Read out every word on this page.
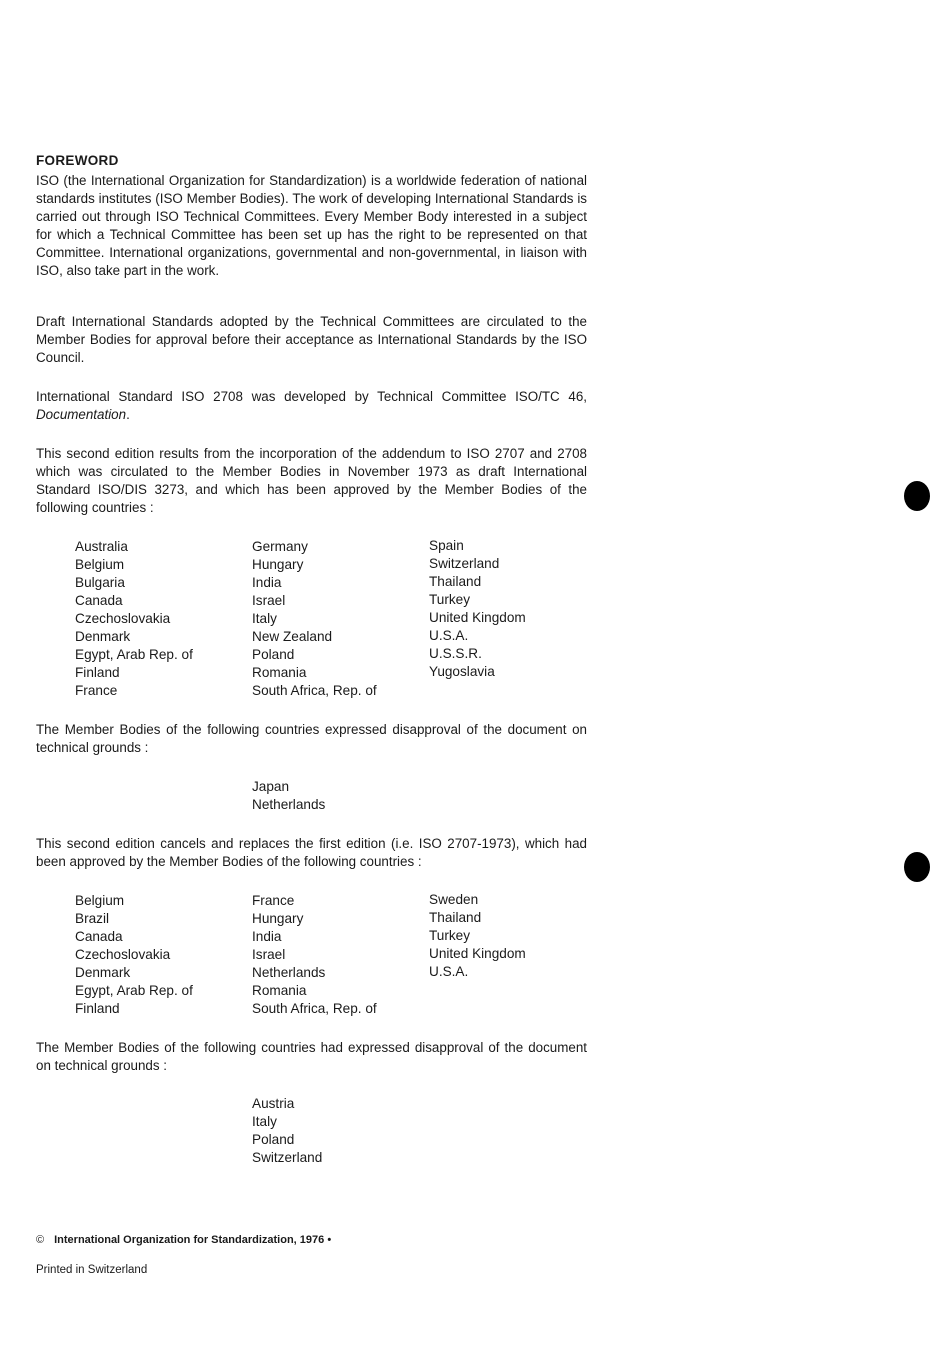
FOREWORD

ISO (the International Organization for Standardization) is a worldwide federation of national standards institutes (ISO Member Bodies). The work of developing International Standards is carried out through ISO Technical Committees. Every Member Body interested in a subject for which a Technical Committee has been set up has the right to be represented on that Committee. International organizations, governmental and non-governmental, in liaison with ISO, also take part in the work.

Draft International Standards adopted by the Technical Committees are circulated to the Member Bodies for approval before their acceptance as International Standards by the ISO Council.

International Standard ISO 2708 was developed by Technical Committee ISO/TC 46, Documentation.

This second edition results from the incorporation of the addendum to ISO 2707 and 2708 which was circulated to the Member Bodies in November 1973 as draft International Standard ISO/DIS 3273, and which has been approved by the Member Bodies of the following countries :

Australia
Belgium
Bulgaria
Canada
Czechoslovakia
Denmark
Egypt, Arab Rep. of
Finland
France
Germany
Hungary
India
Israel
Italy
New Zealand
Poland
Romania
South Africa, Rep. of
Spain
Switzerland
Thailand
Turkey
United Kingdom
U.S.A.
U.S.S.R.
Yugoslavia

The Member Bodies of the following countries expressed disapproval of the document on technical grounds :

Japan
Netherlands

This second edition cancels and replaces the first edition (i.e. ISO 2707-1973), which had been approved by the Member Bodies of the following countries :

Belgium
Brazil
Canada
Czechoslovakia
Denmark
Egypt, Arab Rep. of
Finland
France
Hungary
India
Israel
Netherlands
Romania
South Africa, Rep. of
Sweden
Thailand
Turkey
United Kingdom
U.S.A.

The Member Bodies of the following countries had expressed disapproval of the document on technical grounds :

Austria
Italy
Poland
Switzerland
© International Organization for Standardization, 1976 •
Printed in Switzerland
